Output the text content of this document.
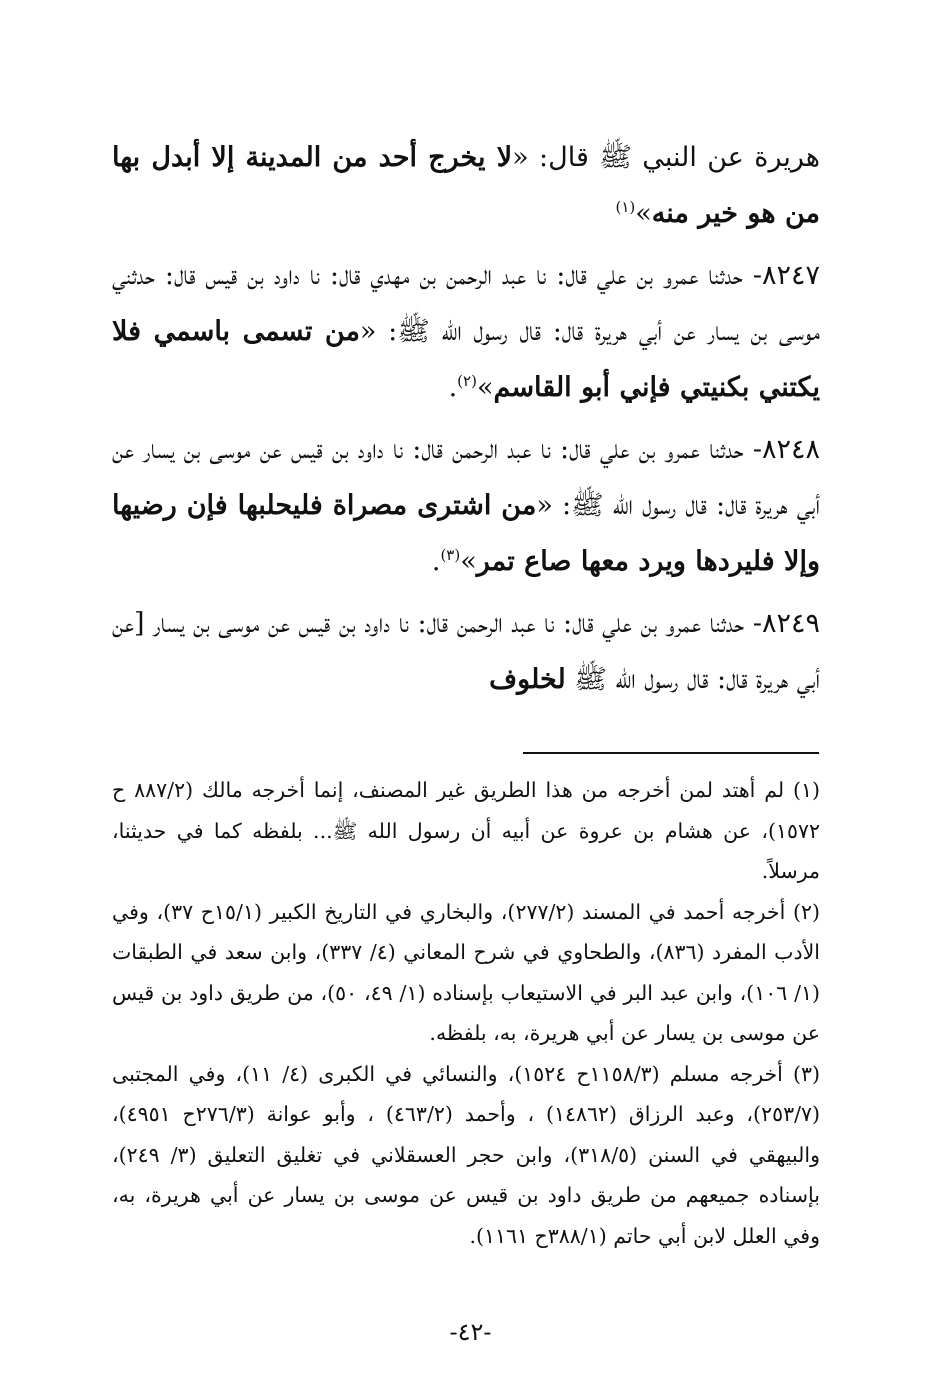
هريرة عن النبي ﷺ قال: «لا يخرج أحد من المدينة إلا أبدل بها من هو خير منه»$^{(١)}$

٨٢٤٧- حدثنا عمرو بن علي قال: نا عبد الرحمن بن مهدي قال: نا داود بن قيس قال: حدثني موسى بن يسار عن أبي هريرة قال: قال رسول الله ﷺ: «من تسمى باسمي فلا يكتني بكنيتي فإني أبو القاسم»$^{(٢)}$.

٨٢٤٨- حدثنا عمرو بن علي قال: نا عبد الرحمن قال: نا داود بن قيس عن موسى بن يسار عن أبي هريرة قال: قال رسول الله ﷺ: «من اشترى مصراة فليحلبها فإن رضيها وإلا فليردها ويرد معها صاع تمر»$^{(٣)}$.

٨٢٤٩- حدثنا عمرو بن علي قال: نا عبد الرحمن قال: نا داود بن قيس عن موسى بن يسار [عن أبي هريرة قال: قال رسول الله ﷺ لخلوف

(١) لم أهتد لمن أخرجه من هذا الطريق غير المصنف، إنما أخرجه مالك (٨٨٧/٢ ح ١٥٧٢)، عن هشام بن عروة عن أبيه أن رسول الله ﷺ... بلفظه كما في حديثنا، مرسلاً.

(٢) أخرجه أحمد في المسند (٢٧٧/٢)، والبخاري في التاريخ الكبير (١٥/١ح ٣٧)، وفي الأدب المفرد (٨٣٦)، والطحاوي في شرح المعاني (٤/ ٣٣٧)، وابن سعد في الطبقات (١/ ١٠٦)، وابن عبد البر في الاستيعاب بإسناده (١/ ٤٩، ٥٠)، من طريق داود بن قيس عن موسى بن يسار عن أبي هريرة، به، بلفظه.

(٣) أخرجه مسلم (١١٥٨/٣ح ١٥٢٤)، والنسائي في الكبرى (٤/ ١١)، وفي المجتبى (٢٥٣/٧)، وعبد الرزاق (١٤٨٦٢) ، وأحمد (٤٦٣/٢) ، وأبو عوانة (٢٧٦/٣ح ٤٩٥١)، والبيهقي في السنن (٣١٨/٥)، وابن حجر العسقلاني في تغليق التعليق (٣/ ٢٤٩)، بإسناده جميعهم من طريق داود بن قيس عن موسى بن يسار عن أبي هريرة، به، وفي العلل لابن أبي حاتم (٣٨٨/١ح ١١٦١).

-٤٢-
